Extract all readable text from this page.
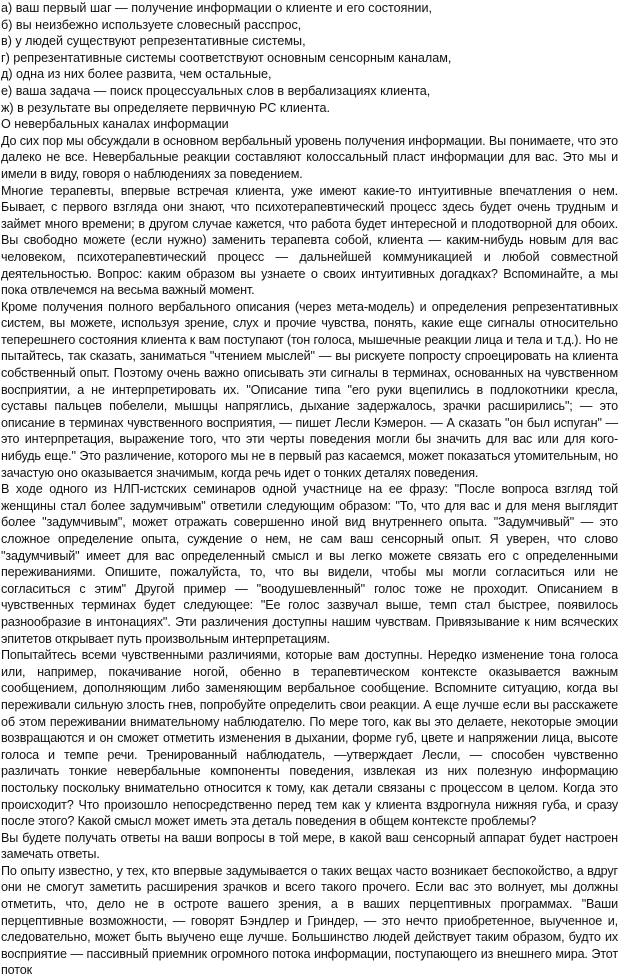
а) ваш первый шаг — получение информации о клиенте и его состоянии,

б) вы неизбежно используете словесный расспрос,

в) у людей существуют репрезентативные системы,

г) репрезентативные системы соответствуют основным сенсорным каналам,

д) одна из них более развита, чем остальные,

е) ваша задача — поиск процессуальных слов в вербализациях клиента,

ж) в результате вы определяете первичную РС клиента.

О невербальных каналах информации

До сих пор мы обсуждали в основном вербальный уровень получения информации. Вы понимаете, что это далеко не все. Невербальные реакции составляют колоссальный пласт информации для вас. Это мы и имели в виду, говоря о наблюдениях за поведением.

Многие терапевты, впервые встречая клиента, уже имеют какие-то интуитивные впечатления о нем. Бывает, с первого взгляда они знают, что психотерапевтический процесс здесь будет очень трудным и займет много времени; в другом случае кажется, что работа будет интересной и плодотворной для обоих. Вы свободно можете (если нужно) заменить терапевта собой, клиента — каким-нибудь новым для вас человеком, психотерапевтический процесс — дальнейшей коммуникацией и любой совместной деятельностью. Вопрос: каким образом вы узнаете о своих интуитивных догадках? Вспоминайте, а мы пока отвлечемся на весьма важный момент.

Кроме получения полного вербального описания (через мета-модель) и определения репрезентативных систем, вы можете, используя зрение, слух и прочие чувства, понять, какие еще сигналы относительно теперешнего состояния клиента к вам поступают (тон голоса, мышечные реакции лица и тела и т.д.). Но не пытайтесь, так сказать, заниматься "чтением мыслей" — вы рискуете попросту спроецировать на клиента собственный опыт. Поэтому очень важно описывать эти сигналы в терминах, основанных на чувственном восприятии, а не интерпретировать их. "Описание типа "его руки вцепились в подлокотники кресла, суставы пальцев побелели, мышцы напряглись, дыхание задержалось, зрачки расширились"; — это описание в терминах чувственного восприятия, — пишет Лесли Кэмерон. — А сказать "он был испуган" — это интерпретация, выражение того, что эти черты поведения могли бы значить для вас или для кого-нибудь еще." Это различение, которого мы не в первый раз касаемся, может показаться утомительным, но зачастую оно оказывается значимым, когда речь идет о тонких деталях поведения.

В ходе одного из НЛП-истских семинаров одной участнице на ее фразу: "После вопроса взгляд той женщины стал более задумчивым" ответили следующим образом: "То, что для вас и для меня выглядит более "задумчивым", может отражать совершенно иной вид внутреннего опыта. "Задумчивый" — это сложное определение опыта, суждение о нем, не сам ваш сенсорный опыт. Я уверен, что слово "задумчивый" имеет для вас определенный смысл и вы легко можете связать его с определенными переживаниями. Опишите, пожалуйста, то, что вы видели, чтобы мы могли согласиться или не согласиться с этим" Другой пример — "воодушевленный" голос тоже не проходит. Описанием в чувственных терминах будет следующее: "Ее голос зазвучал выше, темп стал быстрее, появилось разнообразие в интонациях". Эти различения доступны нашим чувствам. Привязывание к ним всяческих эпитетов открывает путь произвольным интерпретациям.

Попытайтесь всеми чувственными различиями, которые вам доступны. Нередко изменение тона голоса или, например, покачивание ногой, обенно в терапевтическом контексте оказывается важным сообщением, дополняющим либо заменяющим вербальное сообщение. Вспомните ситуацию, когда вы переживали сильную злость гнев, попробуйте определить свои реакции. А еще лучше если вы расскажете об этом переживании внимательному наблюдателю. По мере того, как вы это делаете, некоторые эмоции возвращаются и он сможет отметить изменения в дыхании, форме губ, цвете и напряжении лица, высоте голоса и темпе речи. Тренированный наблюдатель, —утверждает Лесли, — способен чувственно различать тонкие невербальные компоненты поведения, извлекая из них полезную информацию постольку поскольку внимательно относится к тому, как детали связаны с процессом в целом. Когда это происходит? Что произошло непосредственно перед тем как у клиента вздрогнула нижняя губа, и сразу после этого? Какой смысл может иметь эта деталь поведения в общем контексте проблемы?

Вы будете получать ответы на ваши вопросы в той мере, в какой ваш сенсорный аппарат будет настроен замечать ответы.

По опыту известно, у тех, кто впервые задумывается о таких вещах часто возникает беспокойство, а вдруг они не смогут заметить расширения зрачков и всего такого прочего. Если вас это волнует, мы должны отметить, что, дело не в остроте вашего зрения, а в ваших перцептивных программах. "Ваши перцептивные возможности, — говорят Бэндлер и Гриндер, — это нечто приобретенное, выученное и, следовательно, может быть выучено еще лучше. Большинство людей действует таким образом, будто их восприятие — пассивный приемник огромного потока информации, поступающего из внешнего мира. Этот поток
